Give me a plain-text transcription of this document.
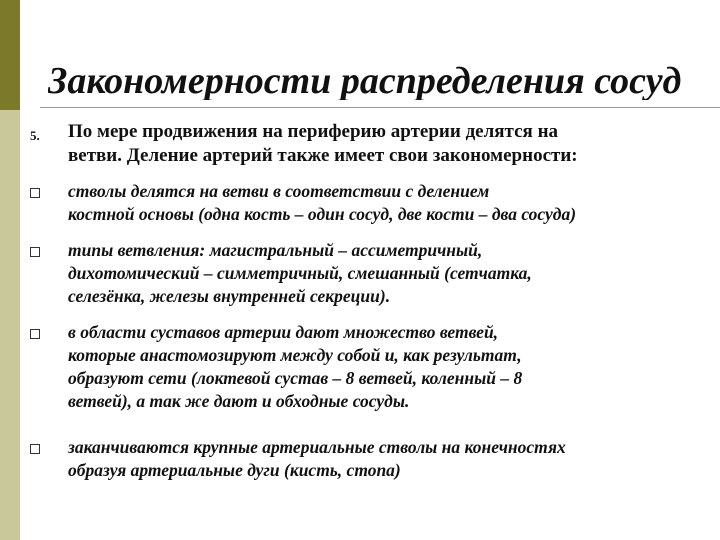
Закономерности распределения сосуд
5. По мере продвижения на периферию артерии делятся на
ветви. Деление артерий также имеет свои закономерности:
стволы делятся на ветви в соответствии с делением
костной основы (одна кость – один сосуд, две кости – два сосуда)
типы ветвления: магистральный – ассиметричный,
дихотомический – симметричный, смешанный (сетчатка,
селезёнка, железы внутренней секреции).
в области суставов артерии дают множество ветвей,
которые анастомозируют между собой и, как результат,
образуют сети (локтевой сустав – 8 ветвей, коленный – 8
ветвей), а так же дают и обходные сосуды.
заканчиваются крупные артериальные стволы на конечностях
образуя артериальные дуги (кисть, стопа)
